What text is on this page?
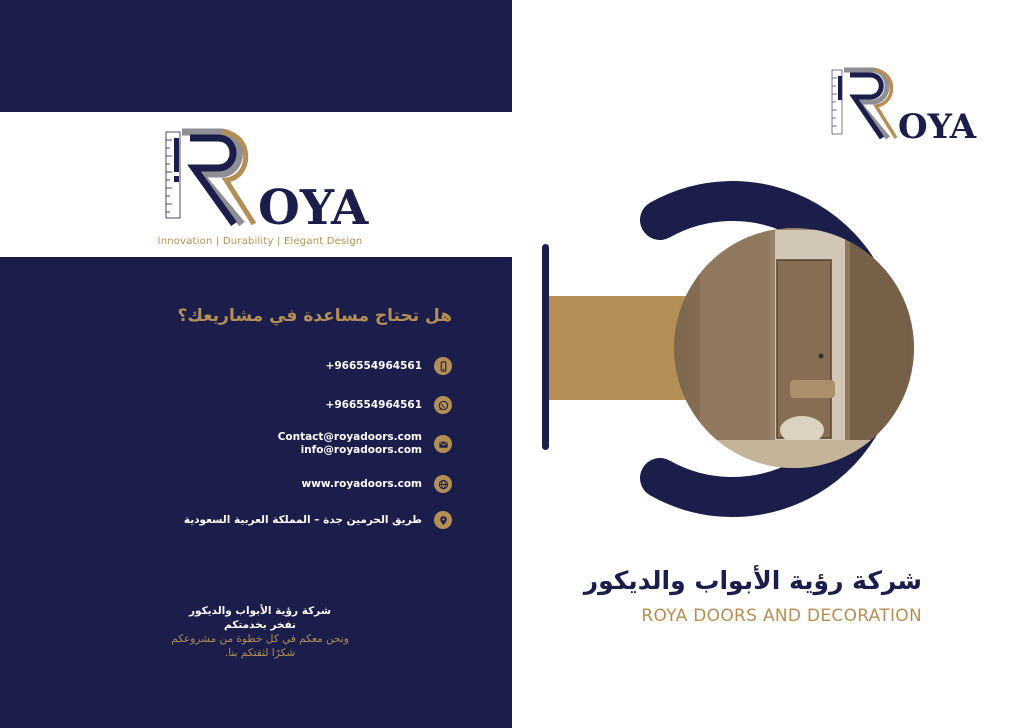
OYA
Innovation | Durability | Elegant Design
هل تحتاج مساعدة في مشاريعك؟
+966554964561
+966554964561
Contact@royadoors.com
info@royadoors.com
www.royadoors.com
طريق الحرمين جدة – المملكة العربية السعودية
شركة رؤية الأبواب والديكور
نفخر بخدمتكم
ونحن معكم في كل خطوة من مشروعكم
شكرًا لثقتكم بنا.
OYA
شركة رؤية الأبواب والديكور
ROYA DOORS AND DECORATION
